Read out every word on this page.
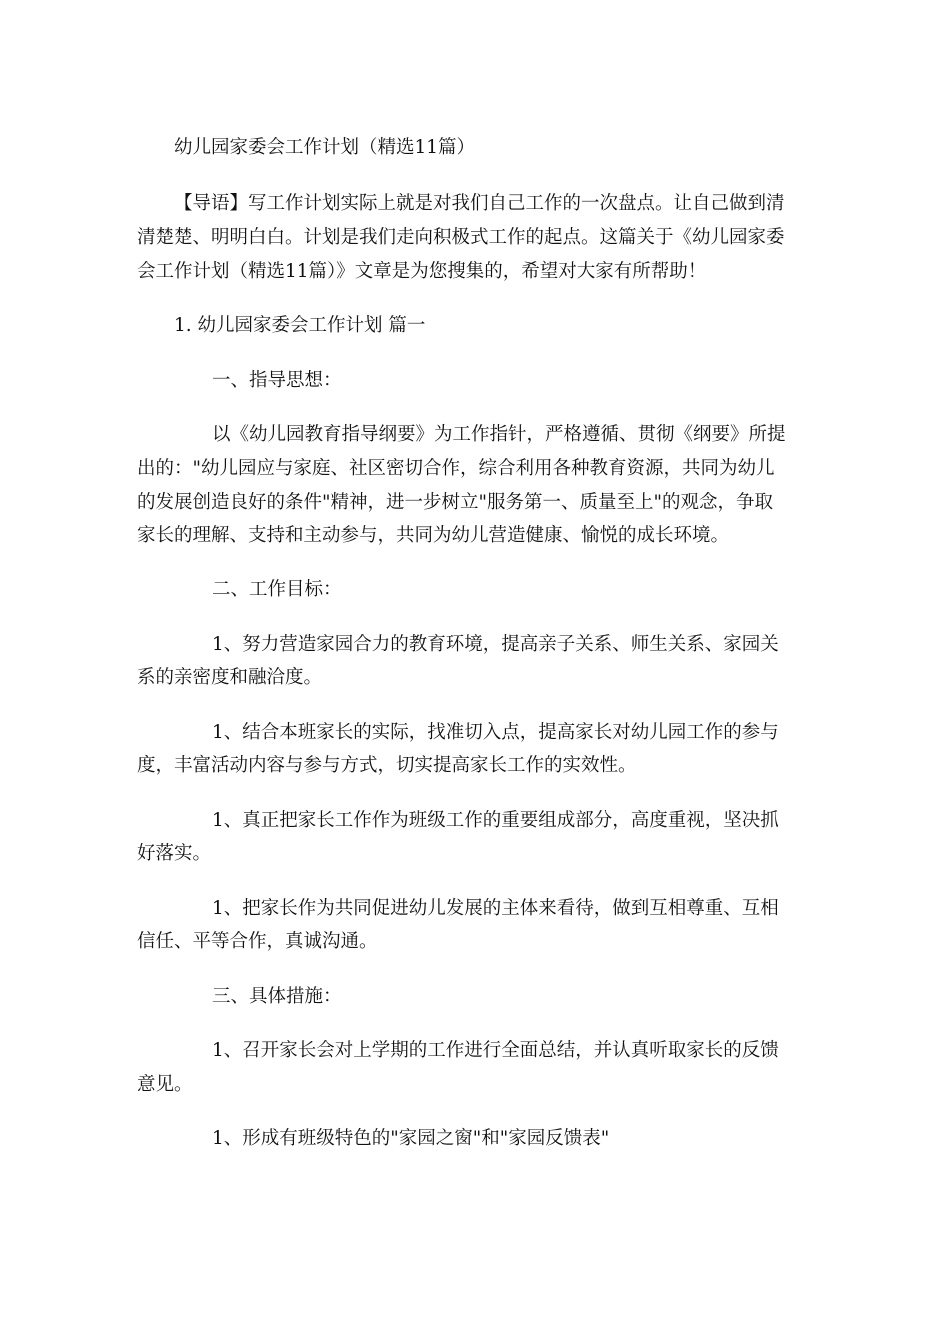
幼儿园家委会工作计划（精选11篇）
【导语】写工作计划实际上就是对我们自己工作的一次盘点。让自己做到清
清楚楚、明明白白。计划是我们走向积极式工作的起点。这篇关于《幼儿园家委
会工作计划（精选11篇）》文章是为您搜集的，希望对大家有所帮助！
1. 幼儿园家委会工作计划 篇一
一、指导思想：
以《幼儿园教育指导纲要》为工作指针，严格遵循、贯彻《纲要》所提
出的："幼儿园应与家庭、社区密切合作，综合利用各种教育资源，共同为幼儿
的发展创造良好的条件"精神，进一步树立"服务第一、质量至上"的观念，争取
家长的理解、支持和主动参与，共同为幼儿营造健康、愉悦的成长环境。
二、工作目标：
1、努力营造家园合力的教育环境，提高亲子关系、师生关系、家园关
系的亲密度和融洽度。
1、结合本班家长的实际，找准切入点，提高家长对幼儿园工作的参与
度，丰富活动内容与参与方式，切实提高家长工作的实效性。
1、真正把家长工作作为班级工作的重要组成部分，高度重视，坚决抓
好落实。
1、把家长作为共同促进幼儿发展的主体来看待，做到互相尊重、互相
信任、平等合作，真诚沟通。
三、具体措施：
1、召开家长会对上学期的工作进行全面总结，并认真听取家长的反馈
意见。
1、形成有班级特色的"家园之窗"和"家园反馈表"
